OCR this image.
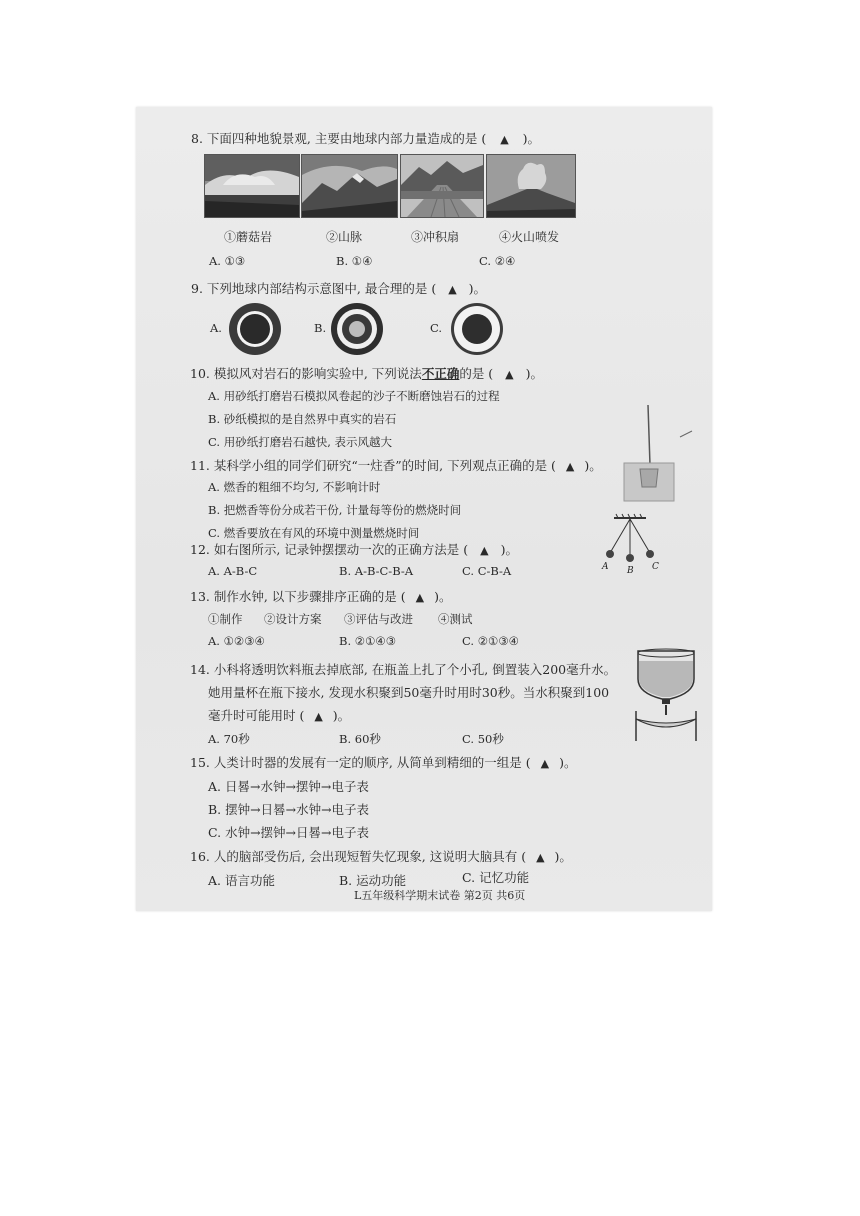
8. 下面四种地貌景观, 主要由地球内部力量造成的是 ( ▲ )。
①蘑菇岩	②山脉	③冲积扇	④火山喷发
A. ①③	B. ①④	C. ②④
9. 下列地球内部结构示意图中, 最合理的是 ( ▲ )。
A.	B.	C.
10. 模拟风对岩石的影响实验中, 下列说法不正确的是 ( ▲ )。
A. 用砂纸打磨岩石模拟风卷起的沙子不断磨蚀岩石的过程
B. 砂纸模拟的是自然界中真实的岩石
C. 用砂纸打磨岩石越快, 表示风越大
11. 某科学小组的同学们研究“一炷香”的时间, 下列观点正确的是 ( ▲ )。
A. 燃香的粗细不均匀, 不影响计时
B. 把燃香等份分成若干份, 计量每等份的燃烧时间
C. 燃香要放在有风的环境中测量燃烧时间
A B C
12. 如右图所示, 记录钟摆摆动一次的正确方法是 ( ▲ )。
A. A-B-C	B. A-B-C-B-A	C. C-B-A
13. 制作水钟, 以下步骤排序正确的是 ( ▲ )。
①制作 ②设计方案 ③评估与改进 ④测试
A. ①②③④	B. ②①④③	C. ②①③④
14. 小科将透明饮料瓶去掉底部, 在瓶盖上扎了个小孔, 倒置装入200毫升水。
她用量杯在瓶下接水, 发现水积聚到50毫升时用时30秒。当水积聚到100
毫升时可能用时 ( ▲ )。
A. 70秒	B. 60秒	C. 50秒
15. 人类计时器的发展有一定的顺序, 从简单到精细的一组是 ( ▲ )。
A. 日晷→水钟→摆钟→电子表
B. 摆钟→日晷→水钟→电子表
C. 水钟→摆钟→日晷→电子表
16. 人的脑部受伤后, 会出现短暂失忆现象, 这说明大脑具有 ( ▲ )。
A. 语言功能	B. 运动功能	C. 记忆功能
L五年级科学期末试卷 第2页 共6页
